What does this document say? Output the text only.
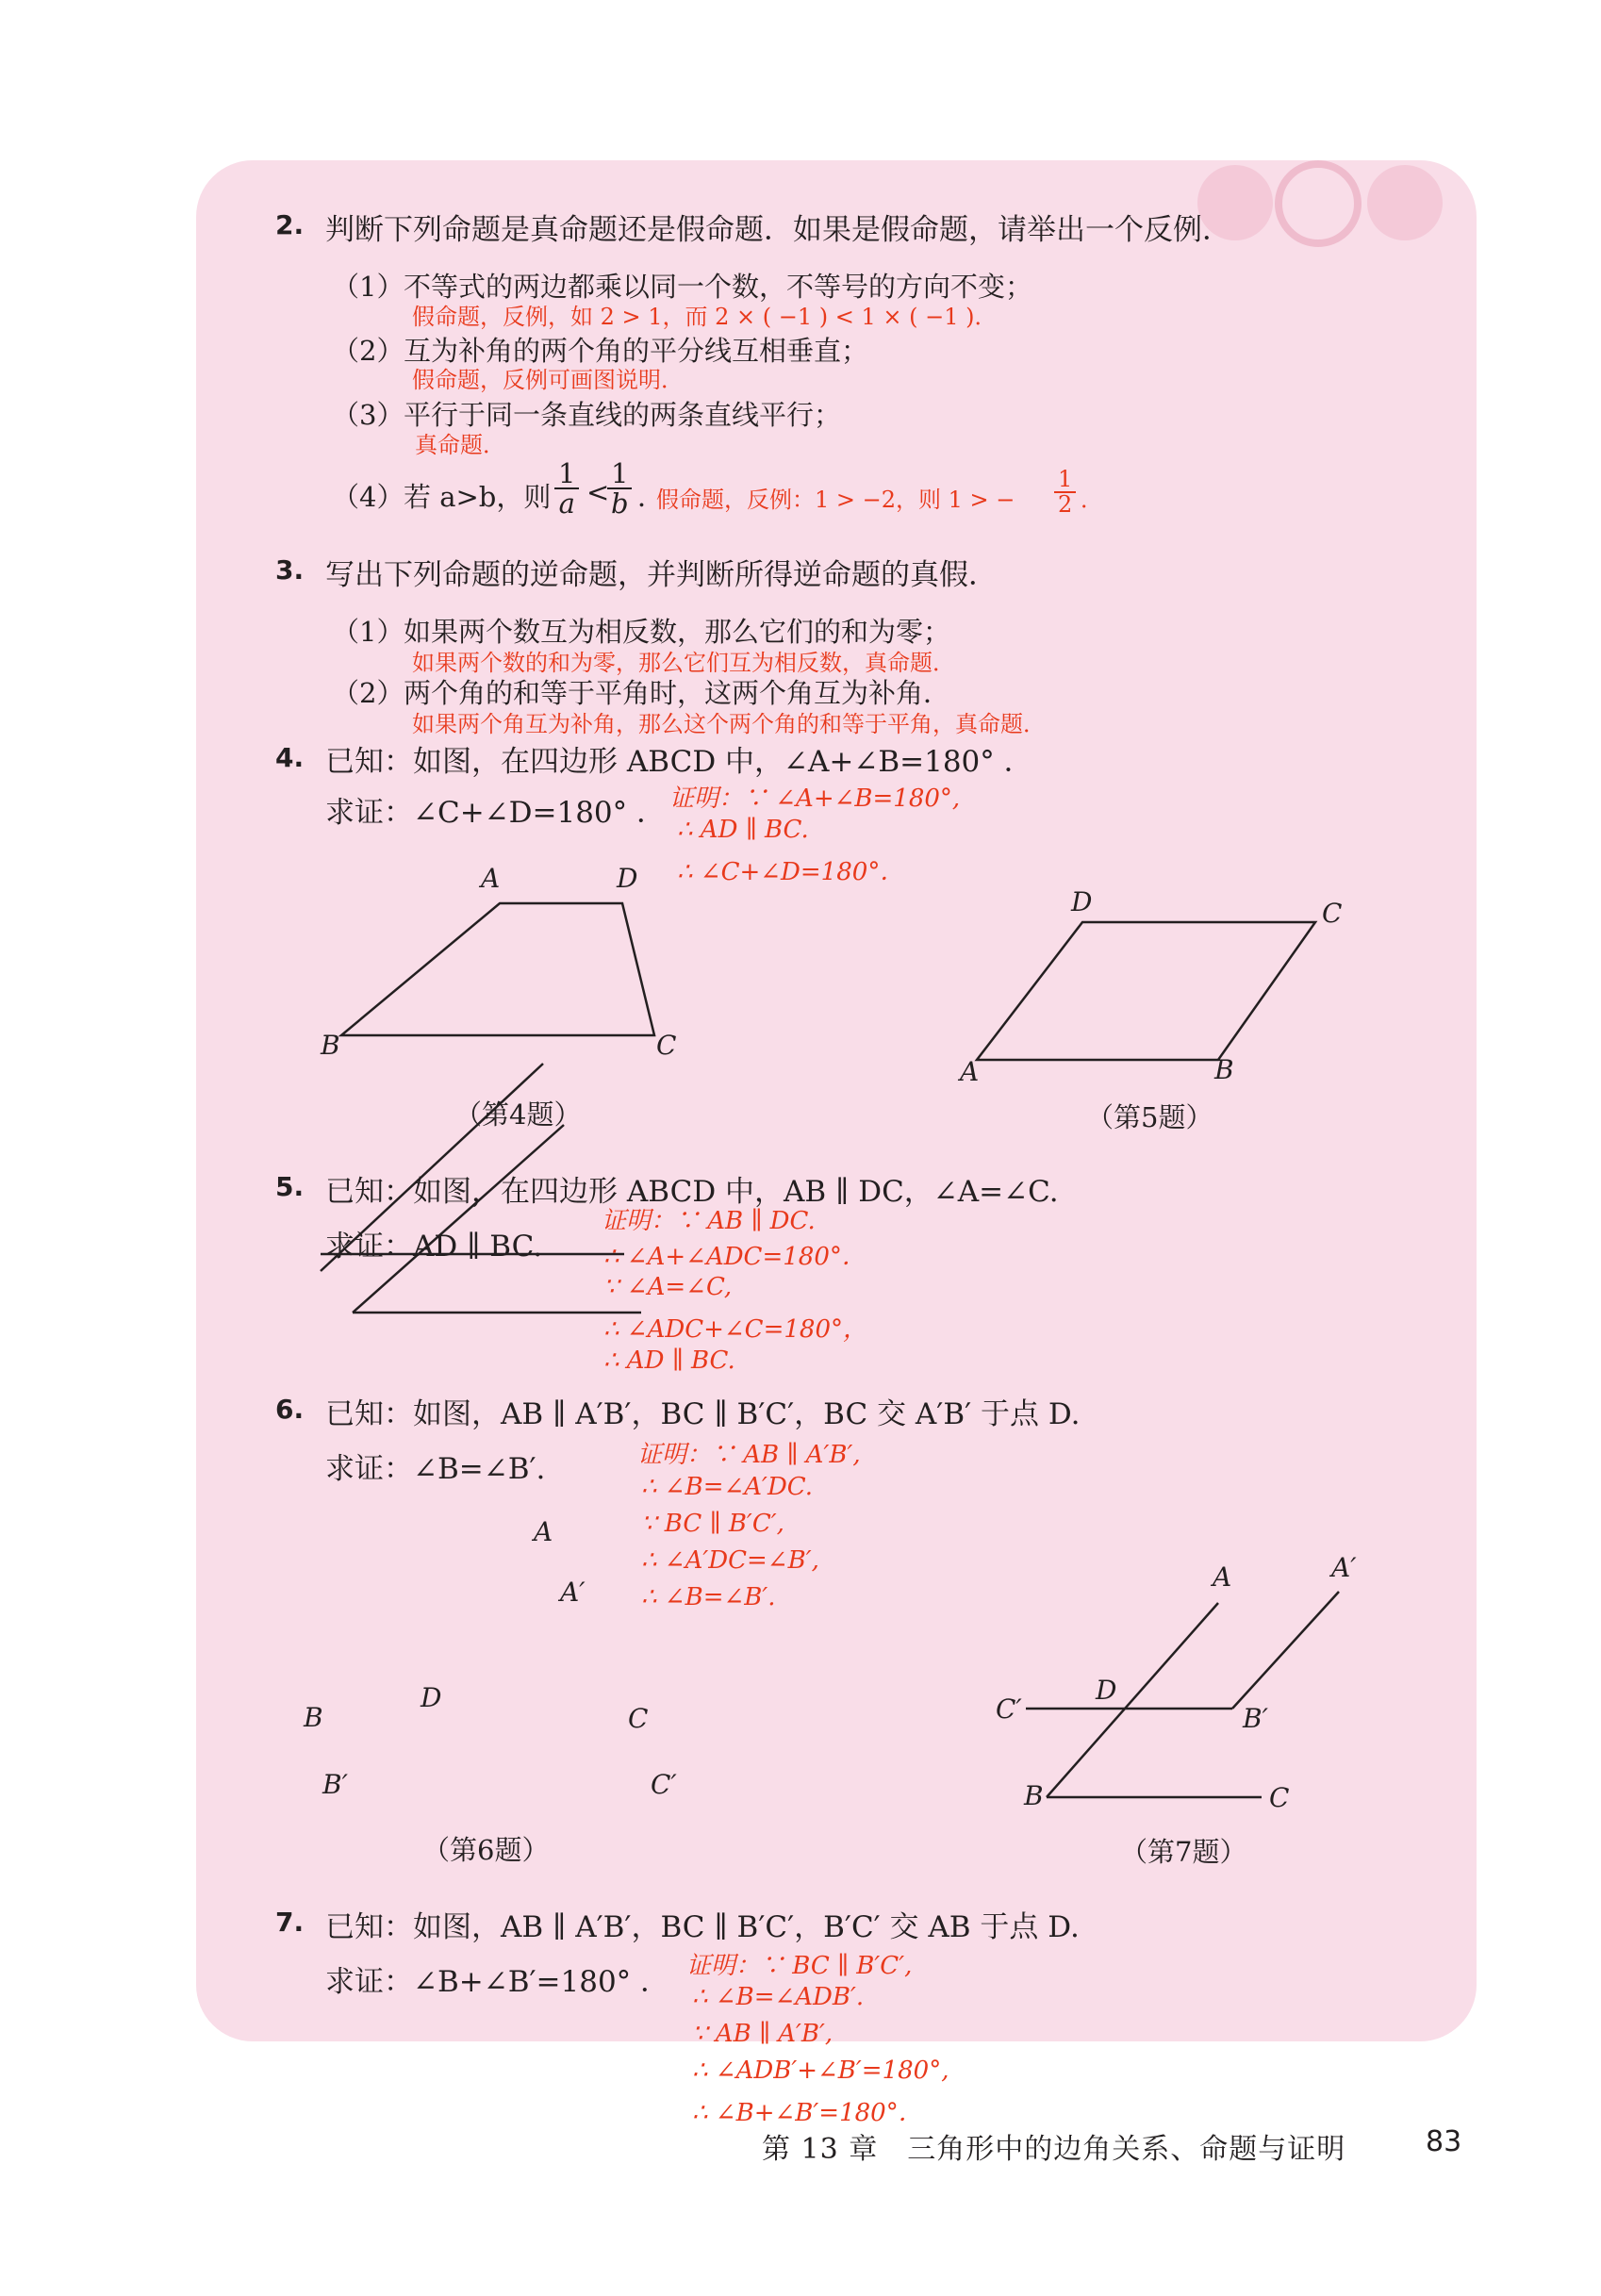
2. 判断下列命题是真命题还是假命题．如果是假命题，请举出一个反例．
（1） 不等式的两边都乘以同一个数，不等号的方向不变；
假命题，反例，如 2 > 1，而 2 × ( −1 ) < 1 × ( −1 )．
（2） 互为补角的两个角的平分线互相垂直；
假命题，反例可画图说明．
（3） 平行于同一条直线的两条直线平行；
真命题．
（4） 若 a>b，则 $\frac{1}{a}$ <
$\frac{1}{b}$ ．
假命题，反例：1 > −2，则 1 > − $\frac{1}{2}$ ．
3. 写出下列命题的逆命题，并判断所得逆命题的真假．
（1） 如果两个数互为相反数，那么它们的和为零；
如果两个数的和为零，那么它们互为相反数，真命题．
（2） 两个角的和等于平角时，这两个角互为补角．
如果两个角互为补角，那么这个两个角的和等于平角，真命题．
4. 已知：如图，在四边形 ABCD 中，∠A+∠B=180° ．
求证：∠C+∠D=180° ． 证明：∵ ∠A+∠B=180°,
∴ AD ∥ BC.
∴ ∠C+∠D=180°．
A	D
B	C
（第4题）
D	C
A	B
（第5题）
5. 已知：如图，在四边形 ABCD 中，AB ∥ DC，∠A=∠C.
求证：AD ∥ BC.
证明：∵ AB ∥ DC.
∴ ∠A+∠ADC=180°．
∵ ∠A=∠C,
∴ ∠ADC+∠C=180°，
∴ AD ∥ BC.
6. 已知：如图，AB ∥ A′B′，BC ∥ B′C′，BC 交 A′B′ 于点 D.
求证：∠B=∠B′.	证明：∵ AB ∥ A′B′,
∴ ∠B=∠A′DC.
∵ BC ∥ B′C′,
∴ ∠A′DC=∠B′,
∴ ∠B=∠B′.
A
A′
B
D
C
B′	C′
（第6题）
A	A′
C′
D
B′
B	C
（第7题）
7. 已知：如图，AB ∥ A′B′，BC ∥ B′C′，B′C′ 交 AB 于点 D.
求证：∠B+∠B′=180° ． 证明：∵ BC ∥ B′C′,
∴ ∠B=∠ADB′.
∵ AB ∥ A′B′,
∴ ∠ADB′+∠B′=180°,
∴ ∠B+∠B′=180°．
第 13 章　三角形中的边角关系、命题与证明	83
